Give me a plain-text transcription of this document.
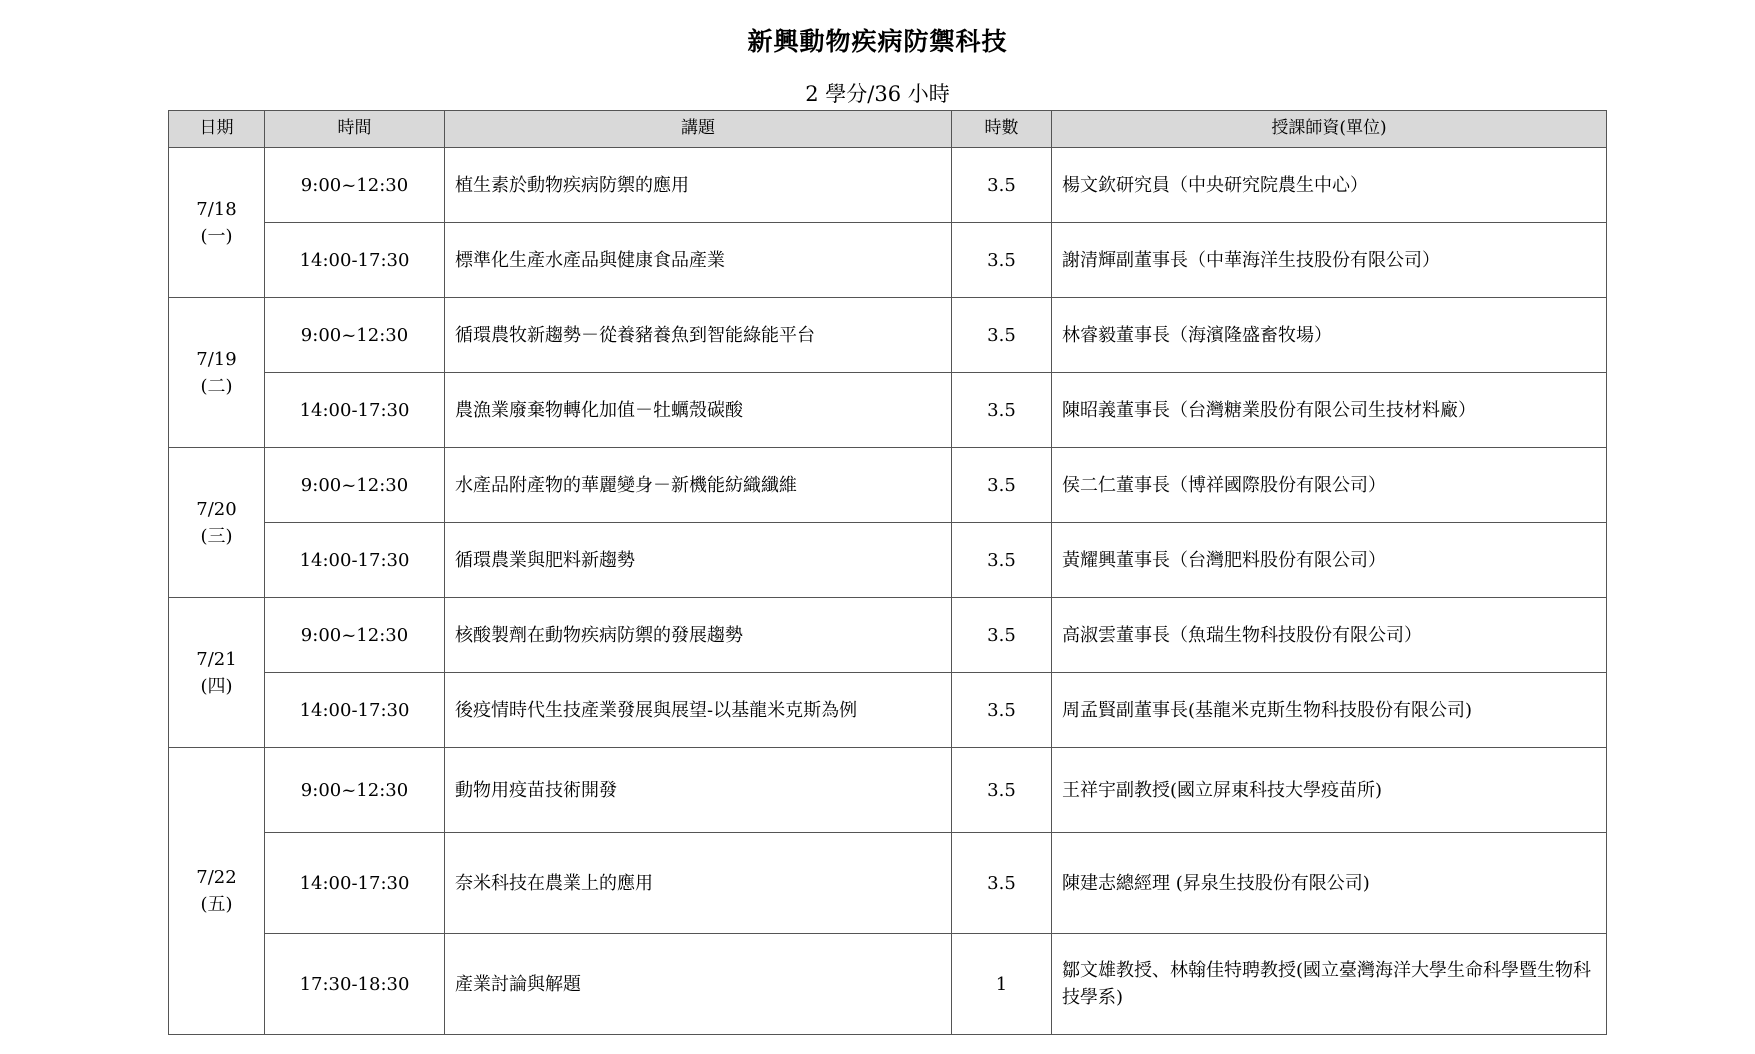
新興動物疾病防禦科技
2 學分/36 小時
日期	時間	講題	時數	授課師資(單位)

7/18
(一)	9:00~12:30	植生素於動物疾病防禦的應用	3.5	楊文欽研究員（中央研究院農生中心）
	14:00-17:30	標準化生產水產品與健康食品產業	3.5	謝清輝副董事長（中華海洋生技股份有限公司）

7/19
(二)	9:00~12:30	循環農牧新趨勢－從養豬養魚到智能綠能平台	3.5	林睿毅董事長（海濱隆盛畜牧場）
	14:00-17:30	農漁業廢棄物轉化加值－牡蠣殼碳酸	3.5	陳昭義董事長（台灣糖業股份有限公司生技材料廠）

7/20
(三)	9:00~12:30	水產品附產物的華麗變身－新機能紡織纖維	3.5	侯二仁董事長（博祥國際股份有限公司）
	14:00-17:30	循環農業與肥料新趨勢	3.5	黃耀興董事長（台灣肥料股份有限公司）

7/21
(四)	9:00~12:30	核酸製劑在動物疾病防禦的發展趨勢	3.5	高淑雲董事長（魚瑞生物科技股份有限公司）
	14:00-17:30	後疫情時代生技產業發展與展望-以基龍米克斯為例	3.5	周孟賢副董事長(基龍米克斯生物科技股份有限公司)

7/22
(五)	9:00~12:30	動物用疫苗技術開發	3.5	王祥宇副教授(國立屏東科技大學疫苗所)
	14:00-17:30	奈米科技在農業上的應用	3.5	陳建志總經理 (昇泉生技股份有限公司)
	17:30-18:30	產業討論與解題	1	鄒文雄教授、林翰佳特聘教授(國立臺灣海洋大學生命科學暨生物科技學系)
